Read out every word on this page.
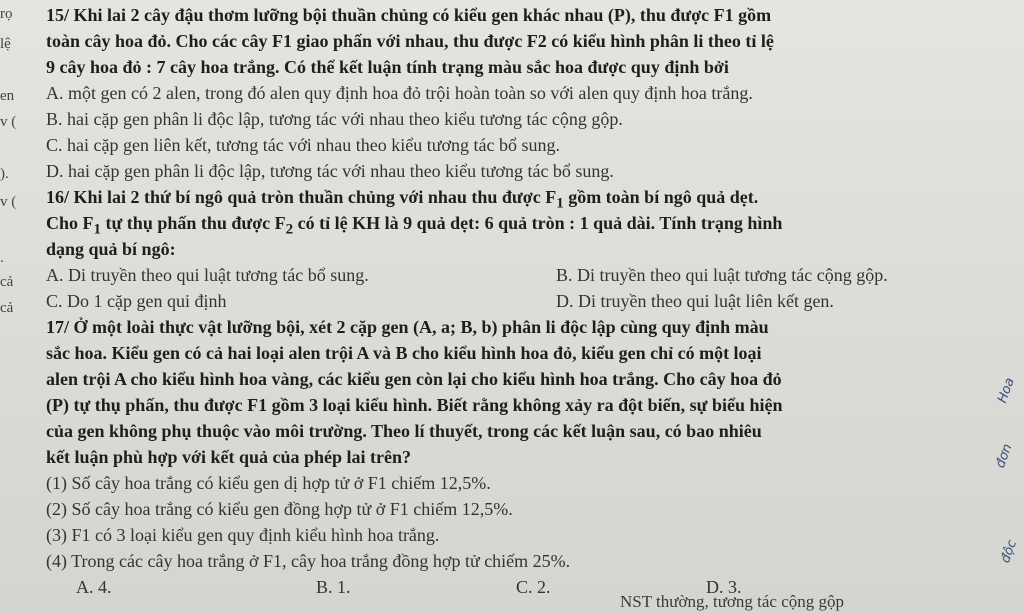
rọ
lệ
en
v (
).
v (
.
cả
cả
15/ Khi lai 2 cây đậu thơm lưỡng bội thuần chủng có kiểu gen khác nhau (P), thu được F1 gồm
toàn cây hoa đỏ. Cho các cây F1 giao phấn với nhau, thu được F2 có kiểu hình phân li theo tỉ lệ
9 cây hoa đỏ : 7 cây hoa trắng. Có thể kết luận tính trạng màu sắc hoa được quy định bởi
A. một gen có 2 alen, trong đó alen quy định hoa đỏ trội hoàn toàn so với alen quy định hoa trắng.
B. hai cặp gen phân li độc lập, tương tác với nhau theo kiểu tương tác cộng gộp.
C. hai cặp gen liên kết, tương tác với nhau theo kiểu tương tác bổ sung.
D. hai cặp gen phân li độc lập, tương tác với nhau theo kiểu tương tác bổ sung.
16/ Khi lai 2 thứ bí ngô quả tròn thuần chủng với nhau thu được $F_1$ gồm toàn bí ngô quả dẹt.
Cho $F_1$ tự thụ phấn thu được $F_2$ có tỉ lệ KH là 9 quả dẹt: 6 quả tròn : 1 quả dài. Tính trạng hình
dạng quả bí ngô:
A. Di truyền theo qui luật tương tác bổ sung.	B. Di truyền theo qui luật tương tác cộng gộp.
C. Do 1 cặp gen qui định	D. Di truyền theo qui luật liên kết gen.
17/ Ở một loài thực vật lưỡng bội, xét 2 cặp gen (A, a; B, b) phân li độc lập cùng quy định màu
sắc hoa. Kiểu gen có cả hai loại alen trội A và B cho kiểu hình hoa đỏ, kiểu gen chỉ có một loại
alen trội A cho kiểu hình hoa vàng, các kiểu gen còn lại cho kiểu hình hoa trắng. Cho cây hoa đỏ
(P) tự thụ phấn, thu được F1 gồm 3 loại kiểu hình. Biết rằng không xảy ra đột biến, sự biểu hiện
của gen không phụ thuộc vào môi trường. Theo lí thuyết, trong các kết luận sau, có bao nhiêu
kết luận phù hợp với kết quả của phép lai trên?
(1) Số cây hoa trắng có kiểu gen dị hợp tử ở F1 chiếm 12,5%.
(2) Số cây hoa trắng có kiểu gen đồng hợp tử ở F1 chiếm 12,5%.
(3) F1 có 3 loại kiểu gen quy định kiểu hình hoa trắng.
(4) Trong các cây hoa trắng ở F1, cây hoa trắng đồng hợp tử chiếm 25%.
A. 4.	B. 1.	C. 2.	D. 3.
NST thường, tương tác cộng gộp
Hoa
đơn
độc
